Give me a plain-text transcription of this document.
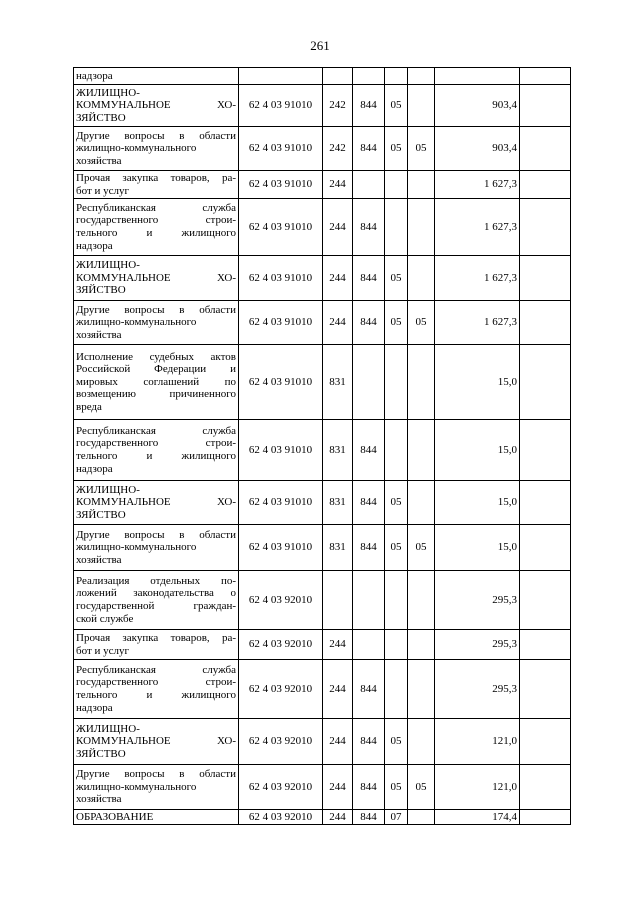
261
надзора							

ЖИЛИЩНО-
КОММУНАЛЬНОЕ ХО-
ЗЯЙСТВО	62 4 03 91010	242	844	05		903,4	

Другие вопросы в области
жилищно-коммунального
хозяйства	62 4 03 91010	242	844	05	05	903,4	

Прочая закупка товаров, ра-
бот и услуг	62 4 03 91010	244				1 627,3	

Республиканская служба
государственного строи-
тельного и жилищного
надзора	62 4 03 91010	244	844			1 627,3	

ЖИЛИЩНО-
КОММУНАЛЬНОЕ ХО-
ЗЯЙСТВО	62 4 03 91010	244	844	05		1 627,3	

Другие вопросы в области
жилищно-коммунального
хозяйства	62 4 03 91010	244	844	05	05	1 627,3	

Исполнение судебных актов
Российской Федерации и
мировых соглашений по
возмещению причиненного
вреда	62 4 03 91010	831				15,0	

Республиканская служба
государственного строи-
тельного и жилищного
надзора	62 4 03 91010	831	844			15,0	

ЖИЛИЩНО-
КОММУНАЛЬНОЕ ХО-
ЗЯЙСТВО	62 4 03 91010	831	844	05		15,0	

Другие вопросы в области
жилищно-коммунального
хозяйства	62 4 03 91010	831	844	05	05	15,0	

Реализация отдельных по-
ложений законодательства о
государственной граждан-
ской службе	62 4 03 92010					295,3	

Прочая закупка товаров, ра-
бот и услуг	62 4 03 92010	244				295,3	

Республиканская служба
государственного строи-
тельного и жилищного
надзора	62 4 03 92010	244	844			295,3	

ЖИЛИЩНО-
КОММУНАЛЬНОЕ ХО-
ЗЯЙСТВО	62 4 03 92010	244	844	05		121,0	

Другие вопросы в области
жилищно-коммунального
хозяйства	62 4 03 92010	244	844	05	05	121,0	

ОБРАЗОВАНИЕ	62 4 03 92010	244	844	07		174,4	
